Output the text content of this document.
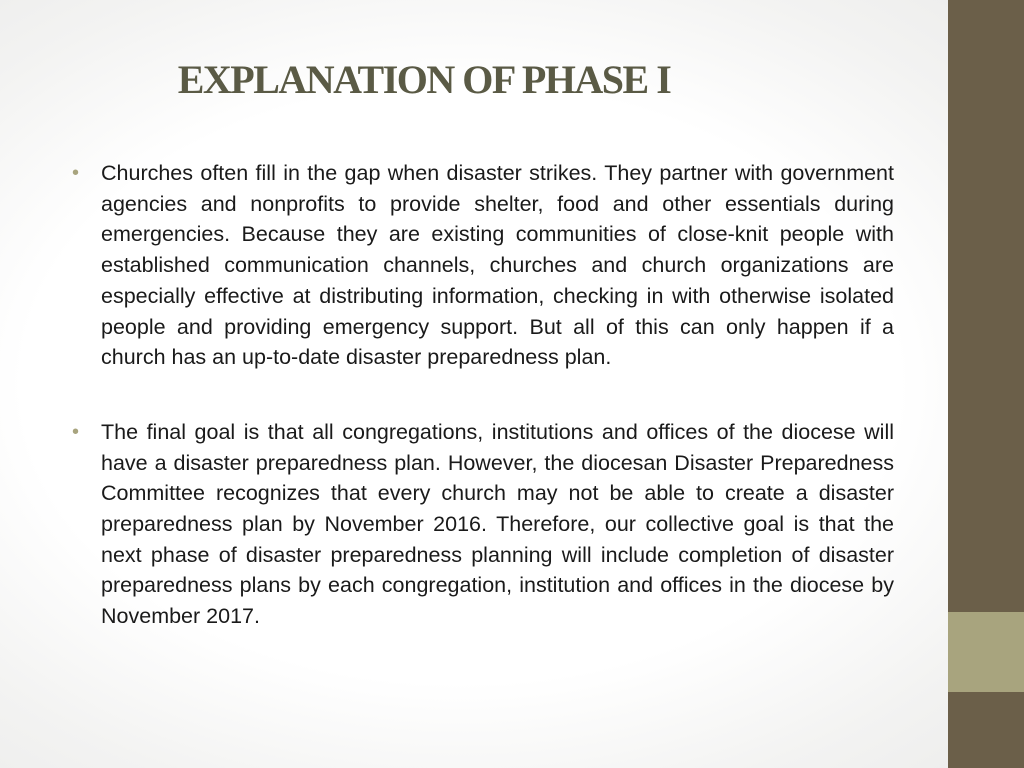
EXPLANATION OF PHASE I
• Churches often fill in the gap when disaster strikes. They partner with government agencies and nonprofits to provide shelter, food and other essentials during emergencies. Because they are existing communities of close-knit people with established communication channels, churches and church organizations are especially effective at distributing information, checking in with otherwise isolated people and providing emergency support. But all of this can only happen if a church has an up-to-date disaster preparedness plan.
• The final goal is that all congregations, institutions and offices of the diocese will have a disaster preparedness plan. However, the diocesan Disaster Preparedness Committee recognizes that every church may not be able to create a disaster preparedness plan by November 2016. Therefore, our collective goal is that the next phase of disaster preparedness planning will include completion of disaster preparedness plans by each congregation, institution and offices in the diocese by November 2017.
